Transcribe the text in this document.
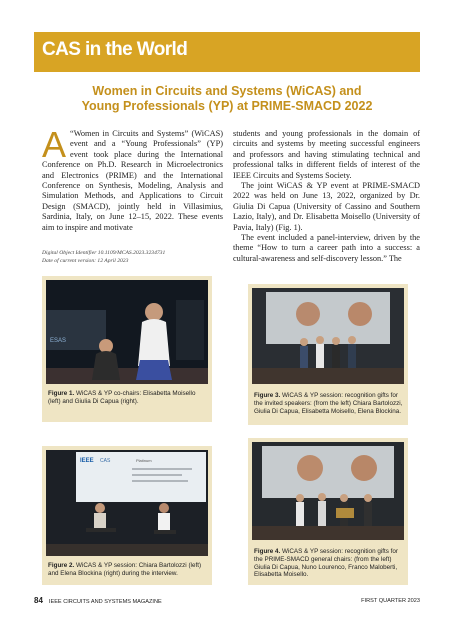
CAS in the World
Women in Circuits and Systems (WiCAS) and
Young Professionals (YP) at PRIME-SMACD 2022
A “Women in Circuits and Systems” (WiCAS) event and a “Young Professionals” (YP) event took place during the International Conference on Ph.D. Research in Microelectronics and Electronics (PRIME) and the International Conference on Synthesis, Modeling, Analysis and Simulation Methods, and Applications to Circuit Design (SMACD), jointly held in Villasimius, Sardinia, Italy, on June 12–15, 2022. These events aim to inspire and motivate
Digital Object Identifier 10.1109/MCAS.2023.3234731
Date of current version: 12 April 2023

students and young professionals in the domain of circuits and systems by meeting successful engineers and professors and having stimulating technical and professional talks in different fields of interest of the IEEE Circuits and Systems Society.

The joint WiCAS & YP event at PRIME-SMACD 2022 was held on June 13, 2022, organized by Dr. Giulia Di Capua (University of Cassino and Southern Lazio, Italy), and Dr. Elisabetta Moisello (University of Pavia, Italy) (Fig. 1).

The event included a panel-interview, driven by the theme “How to turn a career path into a success: a cultural-awareness and self-discovery lesson.” The

ESAS
Figure 1. WiCAS & YP co-chairs: Elisabetta Moisello (left) and Giulia Di Capua (right).
Figure 3. WiCAS & YP session: recognition gifts for the invited speakers: (from the left) Chiara Bartolozzi, Giulia Di Capua, Elisabetta Moisello, Elena Blockina.
IEEE CAS	Platinum
Figure 2. WiCAS & YP session: Chiara Bartolozzi (left) and Elena Blockina (right) during the interview.
Figure 4. WiCAS & YP session: recognition gifts for the PRIME-SMACD general chairs: (from the left) Giulia Di Capua, Nuno Lourenco, Franco Maloberti, Elisabetta Moisello.
84 IEEE CIRCUITS AND SYSTEMS MAGAZINE	FIRST QUARTER 2023
